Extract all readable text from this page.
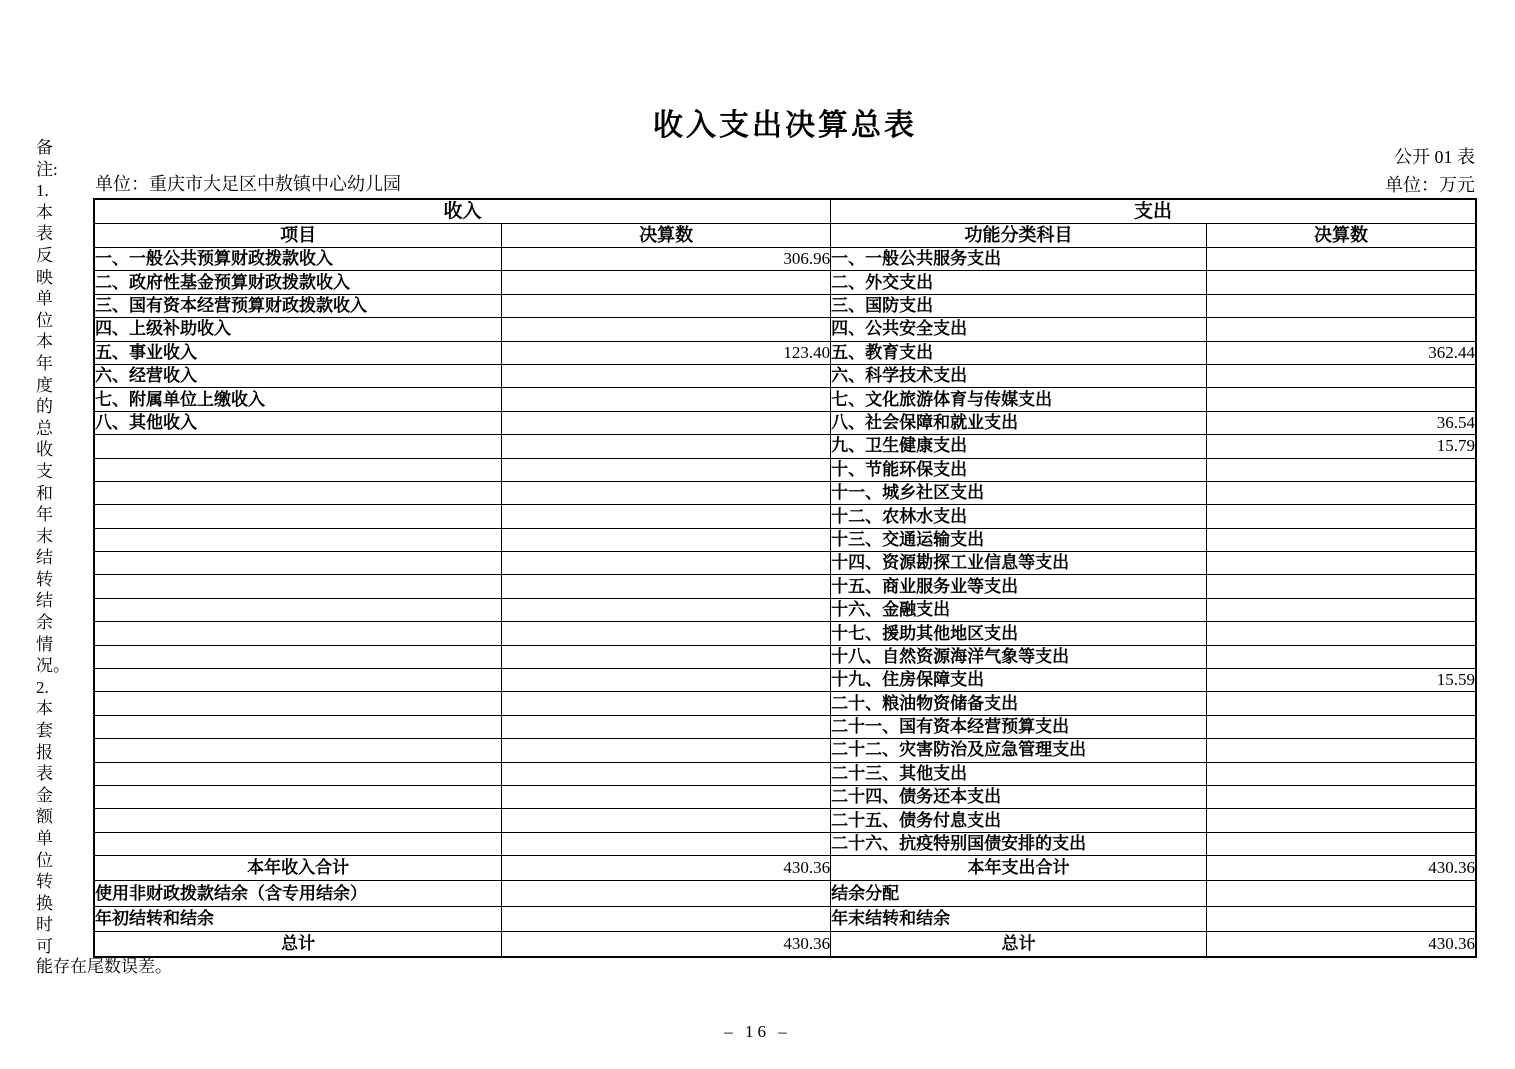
收入支出决算总表
公开 01 表
单位：万元
单位：重庆市大足区中敖镇中心幼儿园
收入		支出	
项目	决算数	功能分类科目	决算数
一、一般公共预算财政拨款收入	306.96	一、一般公共服务支出	
二、政府性基金预算财政拨款收入		二、外交支出	
三、国有资本经营预算财政拨款收入		三、国防支出	
四、上级补助收入		四、公共安全支出	
五、事业收入	123.40	五、教育支出	362.44
六、经营收入		六、科学技术支出	
七、附属单位上缴收入		七、文化旅游体育与传媒支出	
八、其他收入		八、社会保障和就业支出	36.54
		九、卫生健康支出	15.79
		十、节能环保支出	
		十一、城乡社区支出	
		十二、农林水支出	
		十三、交通运输支出	
		十四、资源勘探工业信息等支出	
		十五、商业服务业等支出	
		十六、金融支出	
		十七、援助其他地区支出	
		十八、自然资源海洋气象等支出	
		十九、住房保障支出	15.59
		二十、粮油物资储备支出	
		二十一、国有资本经营预算支出	
		二十二、灾害防治及应急管理支出	
		二十三、其他支出	
		二十四、债务还本支出	
		二十五、债务付息支出	
		二十六、抗疫特别国债安排的支出	
本年收入合计	430.36	本年支出合计	430.36
使用非财政拨款结余（含专用结余）		结余分配	
年初结转和结余		年末结转和结余	
总计	430.36	总计	430.36
备
注:
1.
本
表
反
映
单
位
本
年
度
的
总
收
支
和
年
末
结
转
结
余
情
况。
2.
本
套
报
表
金
额
单
位
转
换
时
可
能存在尾数误差。
– 16 –
